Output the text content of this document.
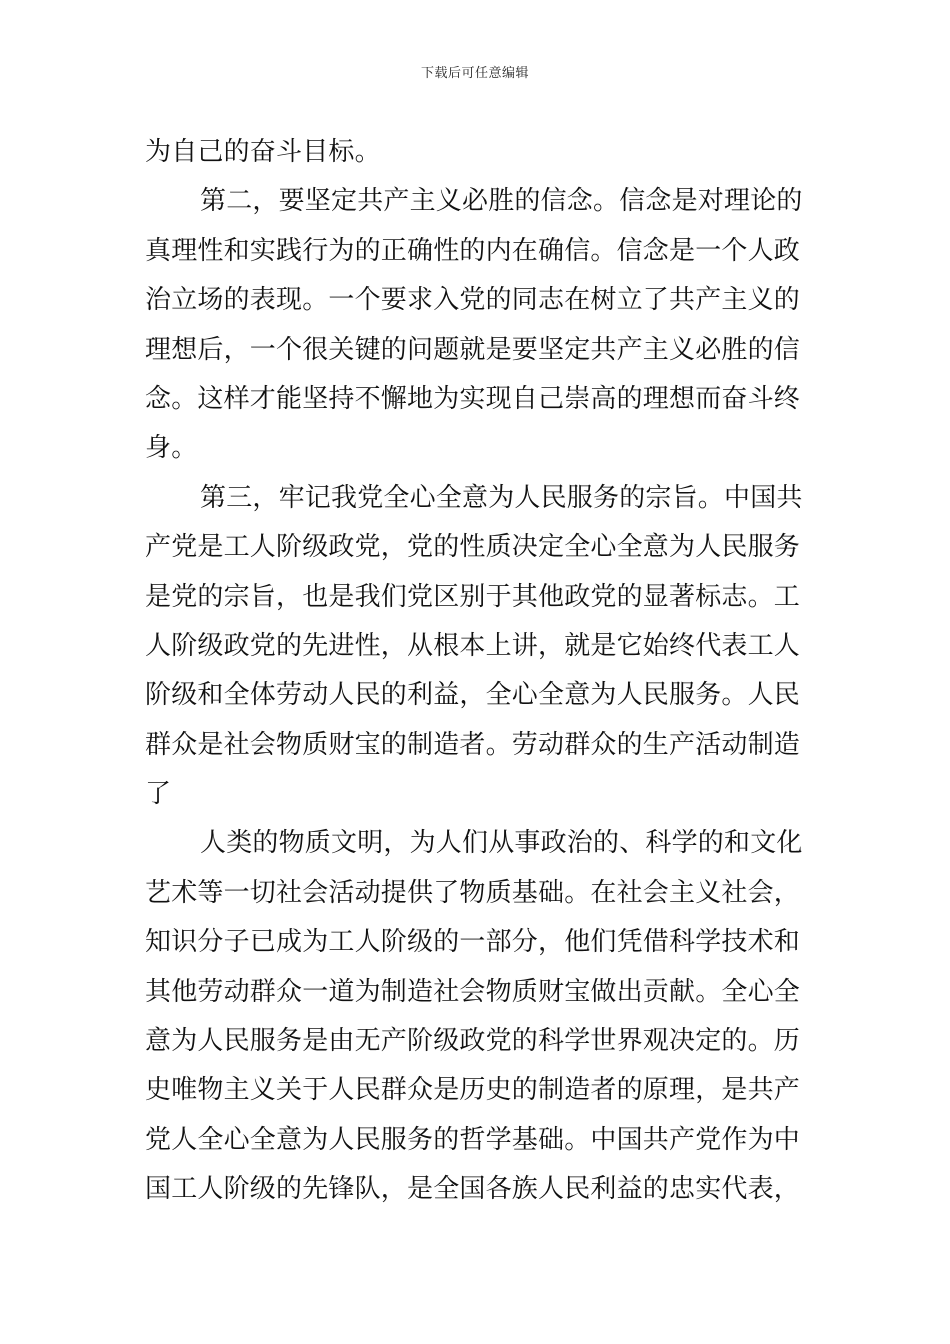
下载后可任意编辑
为自己的奋斗目标。
第二，要坚定共产主义必胜的信念。信念是对理论的
真理性和实践行为的正确性的内在确信。信念是一个人政
治立场的表现。一个要求入党的同志在树立了共产主义的
理想后，一个很关键的问题就是要坚定共产主义必胜的信
念。这样才能坚持不懈地为实现自己崇高的理想而奋斗终
身。
第三，牢记我党全心全意为人民服务的宗旨。中国共
产党是工人阶级政党，党的性质决定全心全意为人民服务
是党的宗旨，也是我们党区别于其他政党的显著标志。工
人阶级政党的先进性，从根本上讲，就是它始终代表工人
阶级和全体劳动人民的利益，全心全意为人民服务。人民
群众是社会物质财宝的制造者。劳动群众的生产活动制造
了
人类的物质文明，为人们从事政治的、科学的和文化
艺术等一切社会活动提供了物质基础。在社会主义社会，
知识分子已成为工人阶级的一部分，他们凭借科学技术和
其他劳动群众一道为制造社会物质财宝做出贡献。全心全
意为人民服务是由无产阶级政党的科学世界观决定的。历
史唯物主义关于人民群众是历史的制造者的原理，是共产
党人全心全意为人民服务的哲学基础。中国共产党作为中
国工人阶级的先锋队，是全国各族人民利益的忠实代表，
